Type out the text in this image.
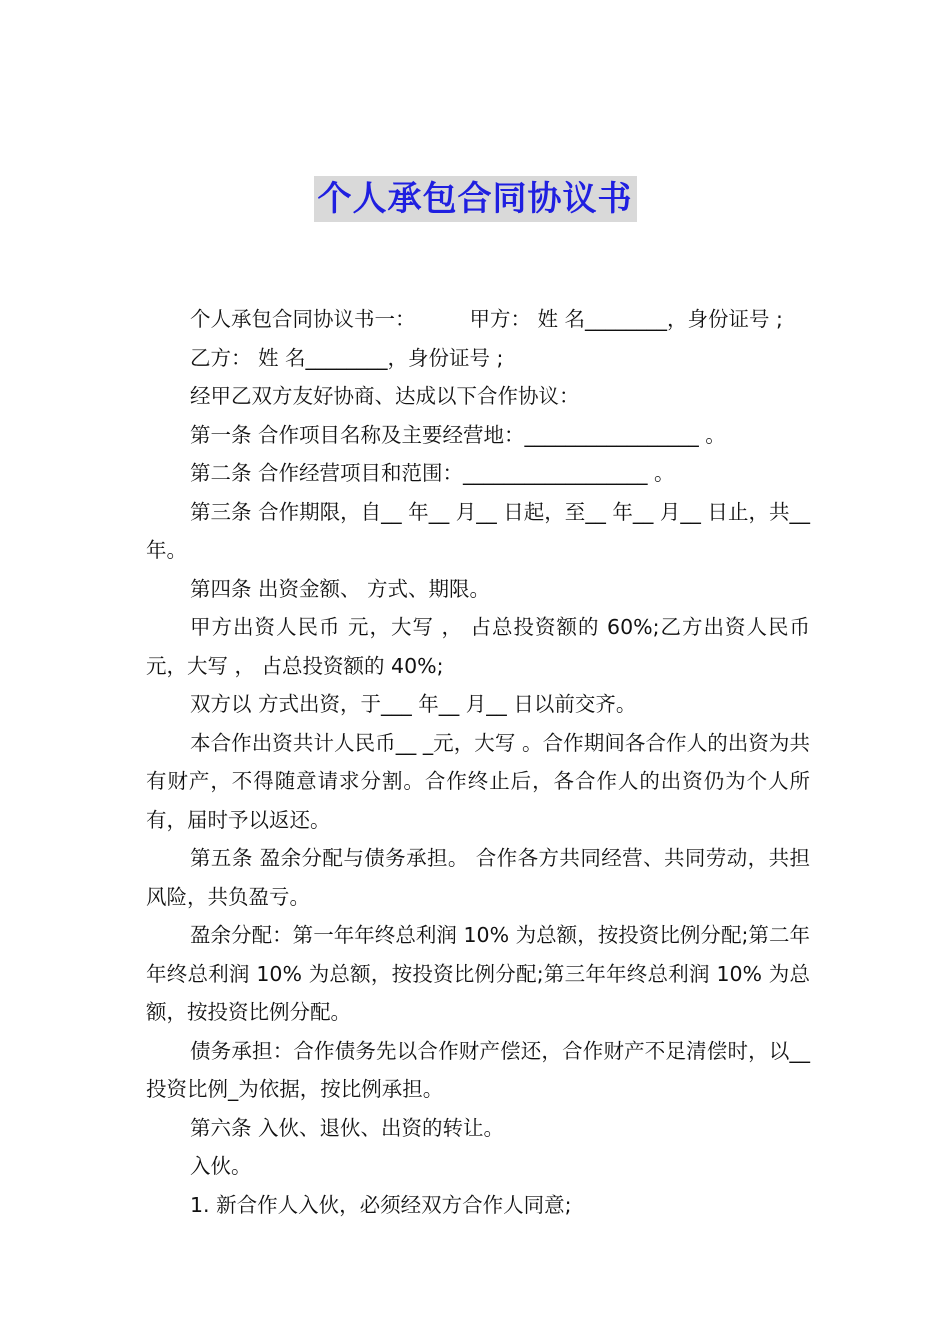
个人承包合同协议书

个人承包合同协议书一：	甲方： 姓 名________，身份证号 ;

乙方： 姓 名________，身份证号 ;

经甲乙双方友好协商、达成以下合作协议：

第一条 合作项目名称及主要经营地：_________________ 。

第二条 合作经营项目和范围：__________________ 。

第三条 合作期限，自__ 年__ 月__ 日起，至__ 年__ 月__ 日止，共__ 年。

第四条 出资金额、 方式、期限。

甲方出资人民币 元，大写 ， 占总投资额的 60%;乙方出资人民币 元，大写 ， 占总投资额的 40%;

双方以 方式出资，于___ 年__ 月__ 日以前交齐。

本合作出资共计人民币__ _元，大写 。合作期间各合作人的出资为共有财产，不得随意请求分割。合作终止后，各合作人的出资仍为个人所有，届时予以返还。

第五条 盈余分配与债务承担。 合作各方共同经营、共同劳动，共担风险，共负盈亏。

盈余分配：第一年年终总利润 10% 为总额，按投资比例分配;第二年年终总利润 10% 为总额，按投资比例分配;第三年年终总利润 10% 为总额，按投资比例分配。

债务承担：合作债务先以合作财产偿还，合作财产不足清偿时，以__投资比例_为依据，按比例承担。

第六条 入伙、退伙、出资的转让。

入伙。

1. 新合作人入伙，必须经双方合作人同意;
